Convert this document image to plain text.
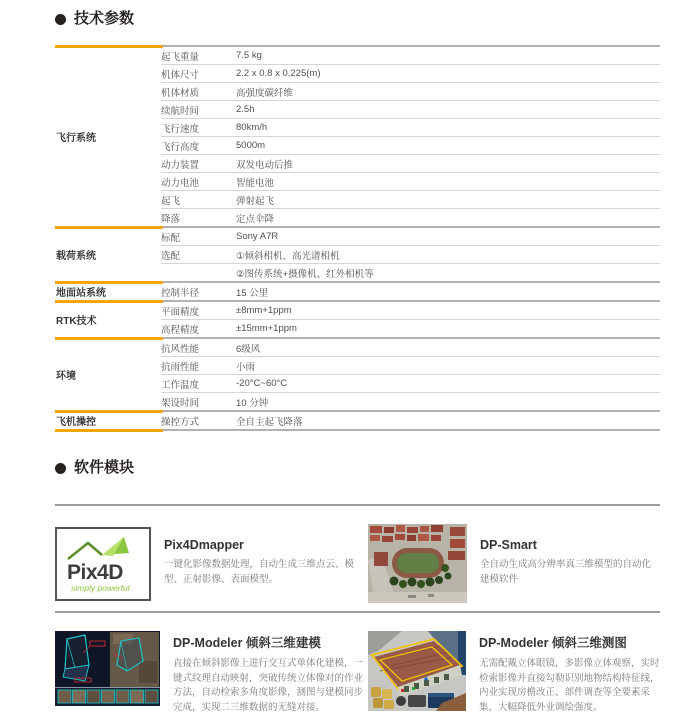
技术参数
飞行系统
起飞重量	7.5 kg
机体尺寸	2.2 x 0.8 x 0.225(m)
机体材质	高强度碳纤维
续航时间	2.5h
飞行速度	80km/h
飞行高度	5000m
动力装置	双发电动后推
动力电池	智能电池
起飞	弹射起飞
降落	定点伞降
载荷系统
标配	Sony A7R
选配	①倾斜相机、高光谱相机
②图传系统+摄像机、红外相机等
地面站系统	控制半径	15 公里
RTK技术
平面精度	±8mm+1ppm
高程精度	±15mm+1ppm
环境
抗风性能	6级风
抗雨性能	小雨
工作温度	-20°C~60°C
架设时间	10 分钟
飞机操控	操控方式	全自主起飞降落
软件模块
Pix4D
simply powerful
Pix4Dmapper
一键化影像数据处理，自动生成三维点云、模型、正射影像、表面模型。
DP-Smart
全自动生成高分辨率真三维模型的自动化建模软件
DP-Modeler 倾斜三维建模
直接在倾斜影像上进行交互式单体化建模，一键式纹理自动映射，突破传统立体像对的作业方法，自动检索多角度影像，测图与建模同步完成，实现二三维数据的无缝对接。
DP-Modeler 倾斜三维测图
无需配戴立体眼镜，多影像立体观察，实时检索影像并直接勾勒识别地物结构特征线，内业实现房檐改正、部件调查等全要素采集，大幅降低外业调绘强度。
